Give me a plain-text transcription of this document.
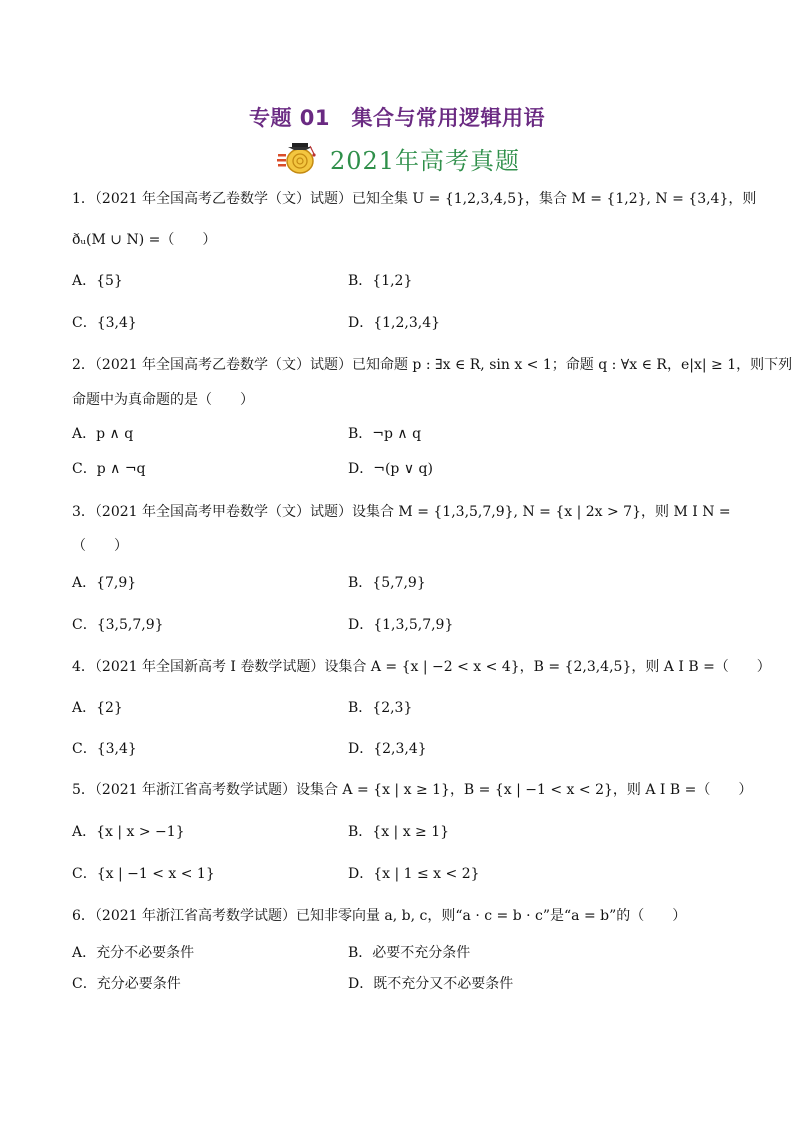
专题 01　集合与常用逻辑用语
2021年高考真题
1．（2021 年全国高考乙卷数学（文）试题）已知全集 U = {1,2,3,4,5}，集合 M = {1,2}, N = {3,4}，则
ðᵤ(M ∪ N) =（　　）
A．{5}	B．{1,2}
C．{3,4}	D．{1,2,3,4}
2．（2021 年全国高考乙卷数学（文）试题）已知命题 p : ∃x ∈ R, sin x < 1；命题 q : ∀x ∈ R，e|x| ≥ 1，则下列
命题中为真命题的是（　　）
A．p ∧ q	B．¬p ∧ q
C．p ∧ ¬q	D．¬(p ∨ q)
3．（2021 年全国高考甲卷数学（文）试题）设集合 M = {1,3,5,7,9}, N = {x | 2x > 7}，则 M I N =
（　　）
A．{7,9}	B．{5,7,9}
C．{3,5,7,9}	D．{1,3,5,7,9}
4．（2021 年全国新高考 I 卷数学试题）设集合 A = {x | −2 < x < 4}，B = {2,3,4,5}，则 A I B =（　　）
A．{2}	B．{2,3}
C．{3,4}	D．{2,3,4}
5．（2021 年浙江省高考数学试题）设集合 A = {x | x ≥ 1}，B = {x | −1 < x < 2}，则 A I B =（　　）
A．{x | x > −1}	B．{x | x ≥ 1}
C．{x | −1 < x < 1}	D．{x | 1 ≤ x < 2}
6．（2021 年浙江省高考数学试题）已知非零向量 a, b, c，则“a · c = b · c”是“a = b”的（　　）
A．充分不必要条件	B．必要不充分条件
C．充分必要条件	D．既不充分又不必要条件
